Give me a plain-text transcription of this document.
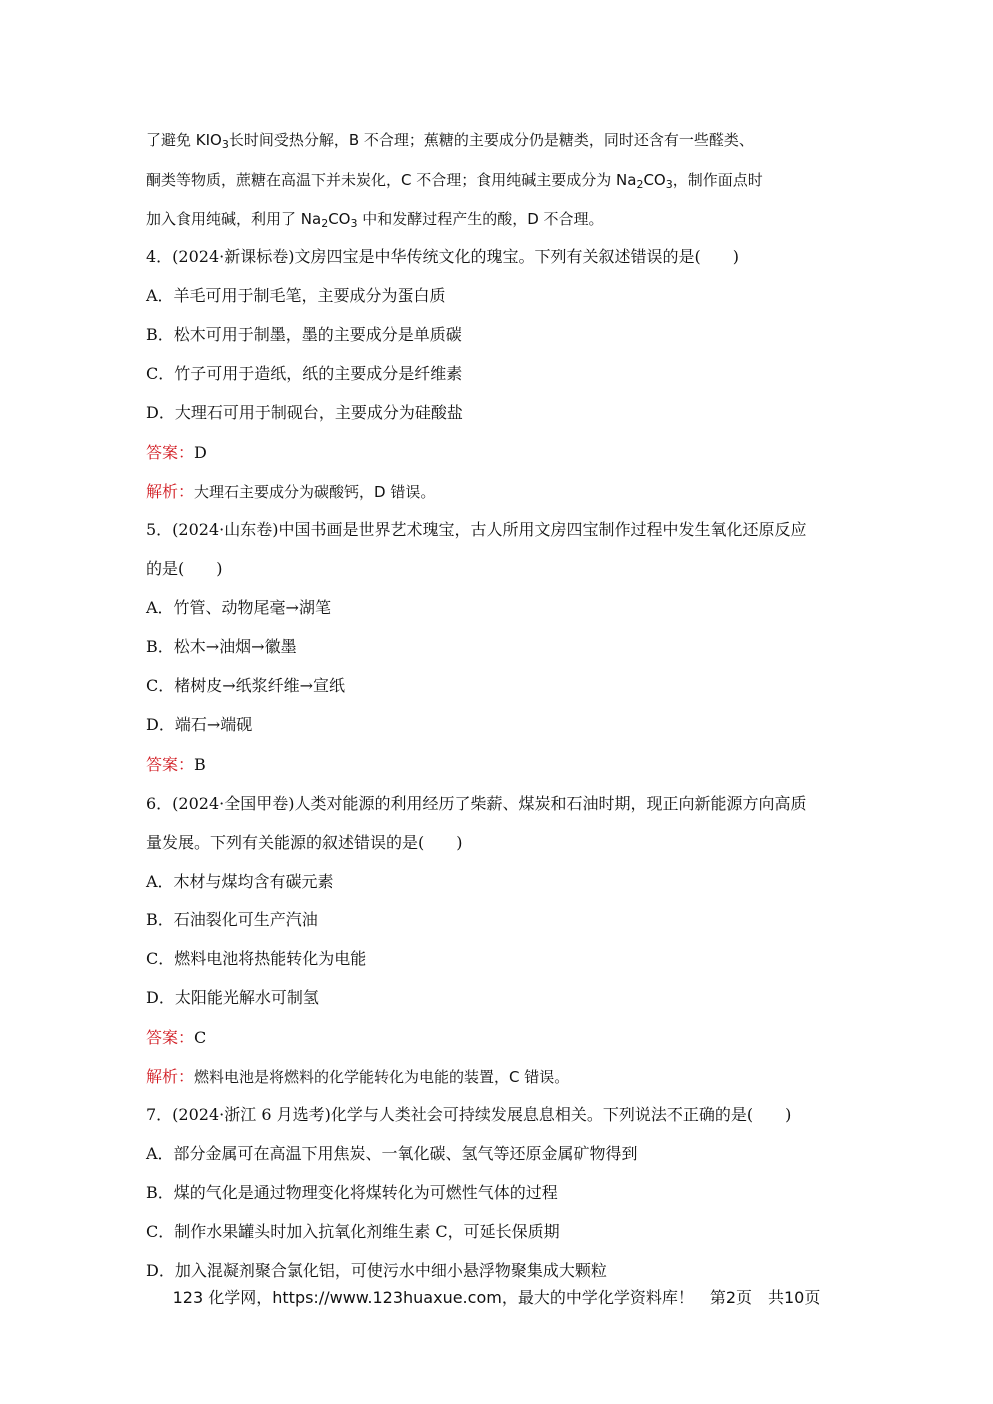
了避免 $KIO_3$长时间受热分解，B 不合理；蕉糖的主要成分仍是糖类，同时还含有一些醛类、
酮类等物质，蔗糖在高温下并未炭化，C 不合理；食用纯碱主要成分为 $Na_2CO_3$，制作面点时
加入食用纯碱，利用了 $Na_2CO_3$ 中和发酵过程产生的酸，D 不合理。
4．(2024·新课标卷)文房四宝是中华传统文化的瑰宝。下列有关叙述错误的是(　　)
A．羊毛可用于制毛笔，主要成分为蛋白质
B．松木可用于制墨，墨的主要成分是单质碳
C．竹子可用于造纸，纸的主要成分是纤维素
D．大理石可用于制砚台，主要成分为硅酸盐
答案：D
解析：大理石主要成分为碳酸钙，D 错误。
5．(2024·山东卷)中国书画是世界艺术瑰宝，古人所用文房四宝制作过程中发生氧化还原反应
的是(　　)
A．竹管、动物尾毫→湖笔
B．松木→油烟→徽墨
C．楮树皮→纸浆纤维→宣纸
D．端石→端砚
答案：B
6．(2024·全国甲卷)人类对能源的利用经历了柴薪、煤炭和石油时期，现正向新能源方向高质
量发展。下列有关能源的叙述错误的是(　　)
A．木材与煤均含有碳元素
B．石油裂化可生产汽油
C．燃料电池将热能转化为电能
D．太阳能光解水可制氢
答案：C
解析：燃料电池是将燃料的化学能转化为电能的装置，C 错误。
7．(2024·浙江 6 月选考)化学与人类社会可持续发展息息相关。下列说法不正确的是(　　)
A．部分金属可在高温下用焦炭、一氧化碳、氢气等还原金属矿物得到
B．煤的气化是通过物理变化将煤转化为可燃性气体的过程
C．制作水果罐头时加入抗氧化剂维生素 C，可延长保质期
D．加入混凝剂聚合氯化铝，可使污水中细小悬浮物聚集成大颗粒
123 化学网，https://www.123huaxue.com，最大的中学化学资料库！　第2页　共10页
